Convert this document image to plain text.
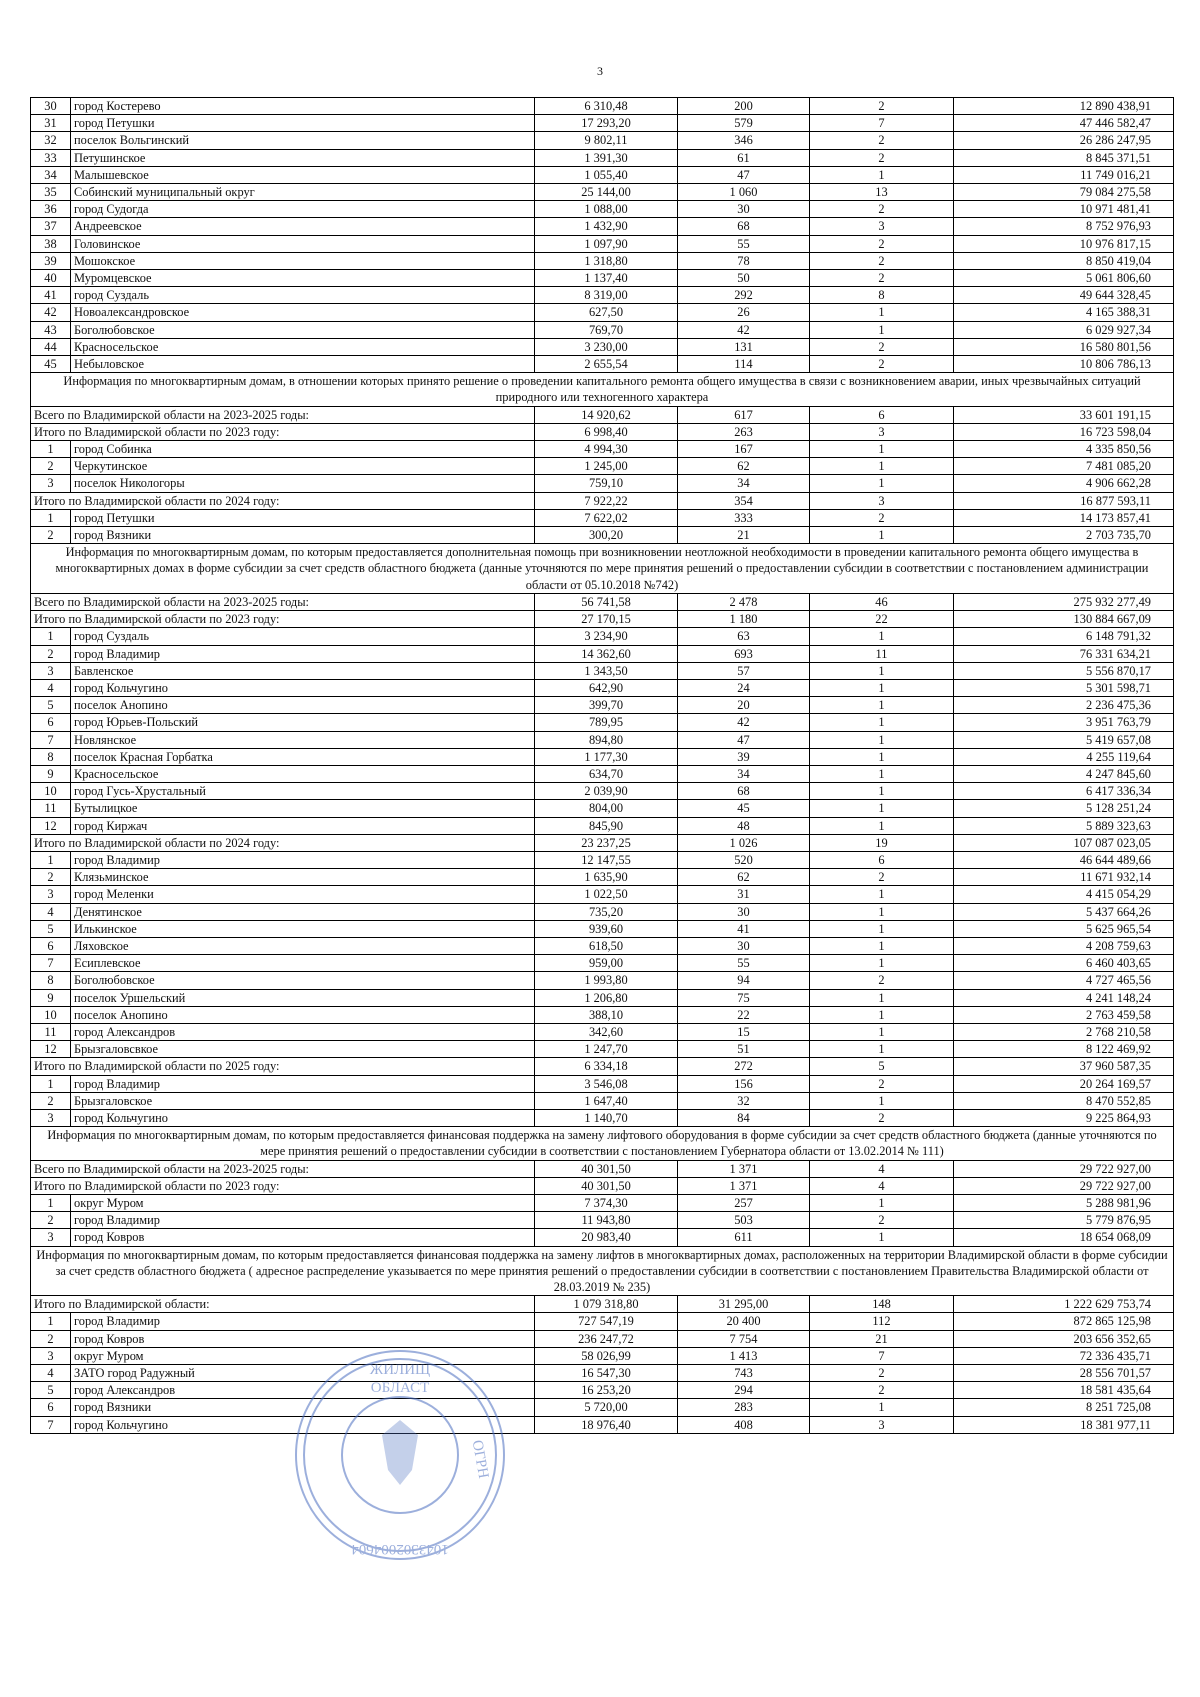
3
30	город Костерево	6 310,48	200	2	12 890 438,91
31	город Петушки	17 293,20	579	7	47 446 582,47
32	поселок Вольгинский	9 802,11	346	2	26 286 247,95
33	Петушинское	1 391,30	61	2	8 845 371,51
34	Малышевское	1 055,40	47	1	11 749 016,21
35	Собинский муниципальный округ	25 144,00	1 060	13	79 084 275,58
36	город Судогда	1 088,00	30	2	10 971 481,41
37	Андреевское	1 432,90	68	3	8 752 976,93
38	Головинское	1 097,90	55	2	10 976 817,15
39	Мошокское	1 318,80	78	2	8 850 419,04
40	Муромцевское	1 137,40	50	2	5 061 806,60
41	город Суздаль	8 319,00	292	8	49 644 328,45
42	Новоалександровское	627,50	26	1	4 165 388,31
43	Боголюбовское	769,70	42	1	6 029 927,34
44	Красносельское	3 230,00	131	2	16 580 801,56
45	Небыловское	2 655,54	114	2	10 806 786,13
Информация по многоквартирным домам, в отношении которых принято решение о проведении капитального ремонта общего имущества в связи с возникновением аварии, иных чрезвычайных ситуаций природного или техногенного характера					
Всего по Владимирской области на 2023-2025 годы:		14 920,62	617	6	33 601 191,15
Итого по Владимирской области по 2023 году:		6 998,40	263	3	16 723 598,04
1	город Собинка	4 994,30	167	1	4 335 850,56
2	Черкутинское	1 245,00	62	1	7 481 085,20
3	поселок Никологоры	759,10	34	1	4 906 662,28
Итого по Владимирской области по 2024 году:		7 922,22	354	3	16 877 593,11
1	город Петушки	7 622,02	333	2	14 173 857,41
2	город Вязники	300,20	21	1	2 703 735,70
Информация по многоквартирным домам, по которым предоставляется дополнительная помощь при возникновении неотложной необходимости в проведении капитального ремонта общего имущества в многоквартирных домах в форме субсидии за счет средств областного бюджета (данные уточняются по мере принятия решений о предоставлении субсидии в соответствии с постановлением администрации области от 05.10.2018 №742)					
Всего по Владимирской области на 2023-2025 годы:		56 741,58	2 478	46	275 932 277,49
Итого по Владимирской области по 2023 году:		27 170,15	1 180	22	130 884 667,09
1	город Суздаль	3 234,90	63	1	6 148 791,32
2	город Владимир	14 362,60	693	11	76 331 634,21
3	Бавленское	1 343,50	57	1	5 556 870,17
4	город Кольчугино	642,90	24	1	5 301 598,71
5	поселок Анопино	399,70	20	1	2 236 475,36
6	город Юрьев-Польский	789,95	42	1	3 951 763,79
7	Новлянское	894,80	47	1	5 419 657,08
8	поселок Красная Горбатка	1 177,30	39	1	4 255 119,64
9	Красносельское	634,70	34	1	4 247 845,60
10	город Гусь-Хрустальный	2 039,90	68	1	6 417 336,34
11	Бутылицкое	804,00	45	1	5 128 251,24
12	город Киржач	845,90	48	1	5 889 323,63
Итого по Владимирской области по 2024 году:		23 237,25	1 026	19	107 087 023,05
1	город Владимир	12 147,55	520	6	46 644 489,66
2	Клязьминское	1 635,90	62	2	11 671 932,14
3	город Меленки	1 022,50	31	1	4 415 054,29
4	Денятинское	735,20	30	1	5 437 664,26
5	Илькинское	939,60	41	1	5 625 965,54
6	Ляховское	618,50	30	1	4 208 759,63
7	Есиплевское	959,00	55	1	6 460 403,65
8	Боголюбовское	1 993,80	94	2	4 727 465,56
9	поселок Уршельский	1 206,80	75	1	4 241 148,24
10	поселок Анопино	388,10	22	1	2 763 459,58
11	город Александров	342,60	15	1	2 768 210,58
12	Брызгаловсвкое	1 247,70	51	1	8 122 469,92
Итого по Владимирской области по 2025 году:		6 334,18	272	5	37 960 587,35
1	город Владимир	3 546,08	156	2	20 264 169,57
2	Брызгаловское	1 647,40	32	1	8 470 552,85
3	город Кольчугино	1 140,70	84	2	9 225 864,93
Информация по многоквартирным домам, по которым предоставляется финансовая поддержка на замену лифтового оборудования в форме субсидии за счет средств областного бюджета (данные уточняются по мере принятия решений о предоставлении субсидии в соответствии с постановлением Губернатора области от 13.02.2014 № 111)					
Всего по Владимирской области на 2023-2025 годы:		40 301,50	1 371	4	29 722 927,00
Итого по Владимирской области по 2023 году:		40 301,50	1 371	4	29 722 927,00
1	округ Муром	7 374,30	257	1	5 288 981,96
2	город Владимир	11 943,80	503	2	5 779 876,95
3	город Ковров	20 983,40	611	1	18 654 068,09
Информация по многоквартирным домам, по которым предоставляется финансовая поддержка на замену лифтов в многоквартирных домах, расположенных на территории Владимирской области в форме субсидии за счет средств областного бюджета ( адресное распределение указывается по мере принятия решений о предоставлении субсидии в соответствии с постановлением Правительства Владимирской области от 28.03.2019 № 235)					
Итого по Владимирской области:		1 079 318,80	31 295,00	148	1 222 629 753,74
1	город Владимир	727 547,19	20 400	112	872 865 125,98
2	город Ковров	236 247,72	7 754	21	203 656 352,65
3	округ Муром	58 026,99	1 413	7	72 336 435,71
4	ЗАТО город Радужный	16 547,30	743	2	28 556 701,57
5	город Александров	16 253,20	294	2	18 581 435,64
6	город Вязники	5 720,00	283	1	8 251 725,08
7	город Кольчугино	18 976,40	408	3	18 381 977,11
ЖИЛИЩ
ОБЛАСТ
ОГРН
1043302004604
